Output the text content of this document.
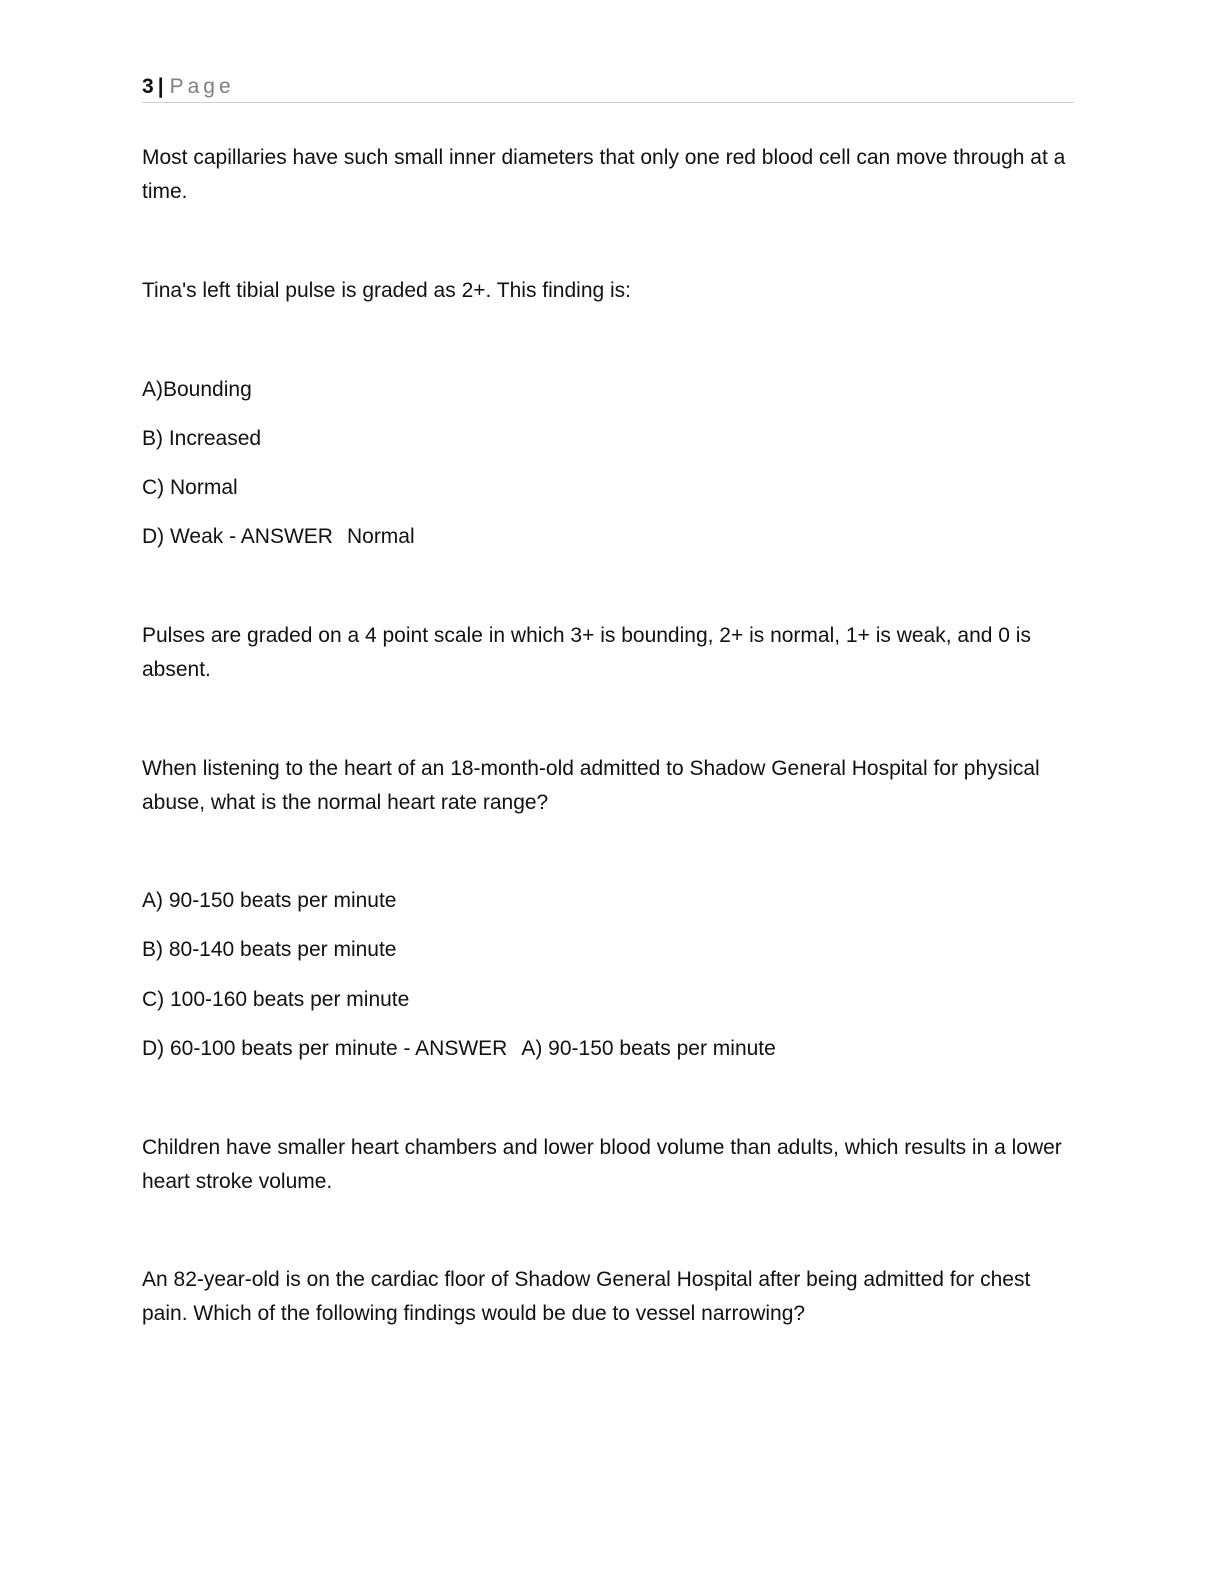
3 | Page

Most capillaries have such small inner diameters that only one red blood cell can move through at a time.

Tina's left tibial pulse is graded as 2+. This finding is:

A)Bounding

B) Increased

C) Normal

D) Weak - ANSWER Normal

Pulses are graded on a 4 point scale in which 3+ is bounding, 2+ is normal, 1+ is weak, and 0 is absent.

When listening to the heart of an 18-month-old admitted to Shadow General Hospital for physical abuse, what is the normal heart rate range?

A) 90-150 beats per minute

B) 80-140 beats per minute

C) 100-160 beats per minute

D) 60-100 beats per minute - ANSWER A) 90-150 beats per minute

Children have smaller heart chambers and lower blood volume than adults, which results in a lower heart stroke volume.

An 82-year-old is on the cardiac floor of Shadow General Hospital after being admitted for chest pain. Which of the following findings would be due to vessel narrowing?
